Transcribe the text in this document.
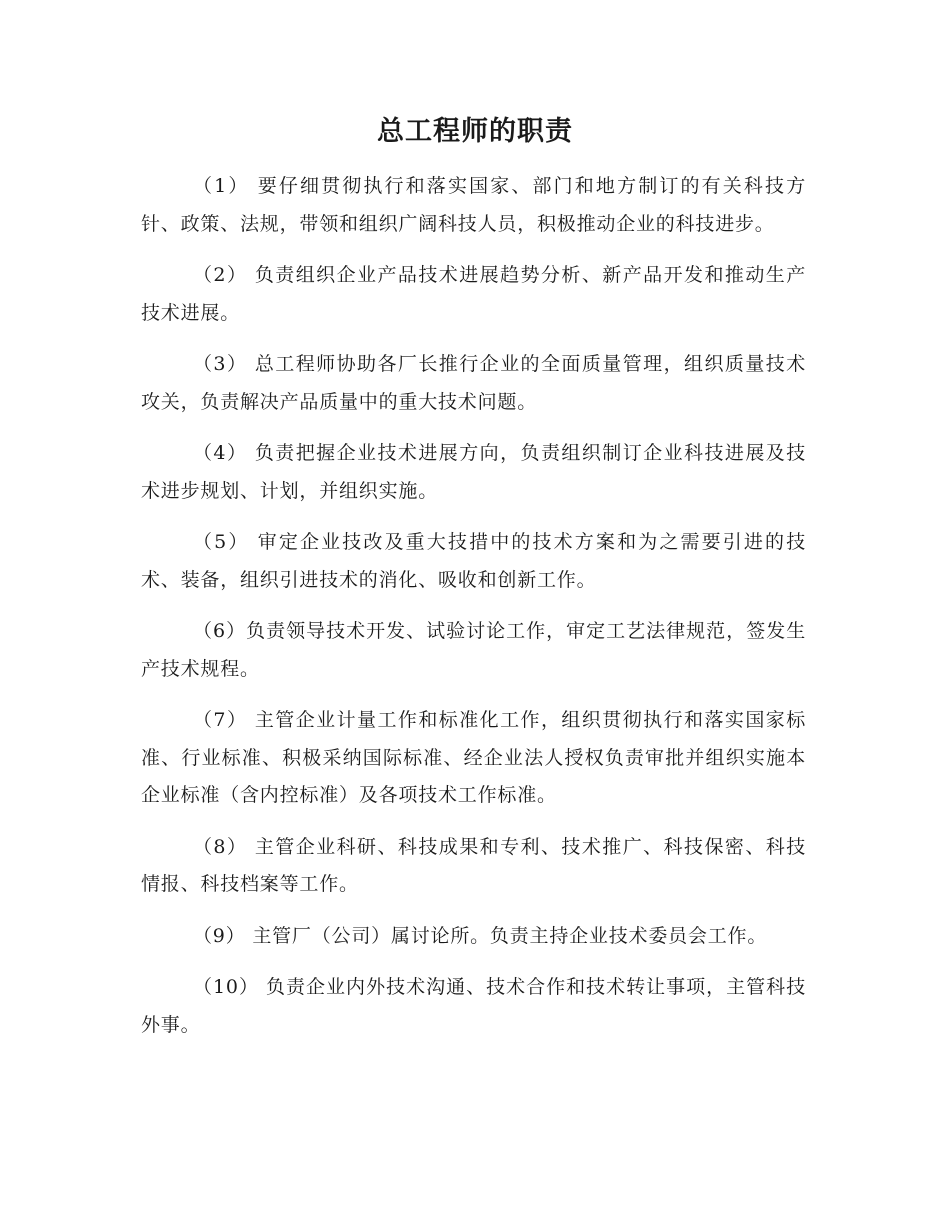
总工程师的职责

（1） 要仔细贯彻执行和落实国家、部门和地方制订的有关科技方针、政策、法规，带领和组织广阔科技人员，积极推动企业的科技进步。

（2） 负责组织企业产品技术进展趋势分析、新产品开发和推动生产技术进展。

（3） 总工程师协助各厂长推行企业的全面质量管理，组织质量技术攻关，负责解决产品质量中的重大技术问题。

（4） 负责把握企业技术进展方向，负责组织制订企业科技进展及技术进步规划、计划，并组织实施。

（5） 审定企业技改及重大技措中的技术方案和为之需要引进的技术、装备，组织引进技术的消化、吸收和创新工作。

（6）负责领导技术开发、试验讨论工作，审定工艺法律规范，签发生产技术规程。

（7） 主管企业计量工作和标准化工作，组织贯彻执行和落实国家标准、行业标准、积极采纳国际标准、经企业法人授权负责审批并组织实施本企业标准（含内控标准）及各项技术工作标准。

（8） 主管企业科研、科技成果和专利、技术推广、科技保密、科技情报、科技档案等工作。

（9） 主管厂（公司）属讨论所。负责主持企业技术委员会工作。

（10） 负责企业内外技术沟通、技术合作和技术转让事项，主管科技外事。
